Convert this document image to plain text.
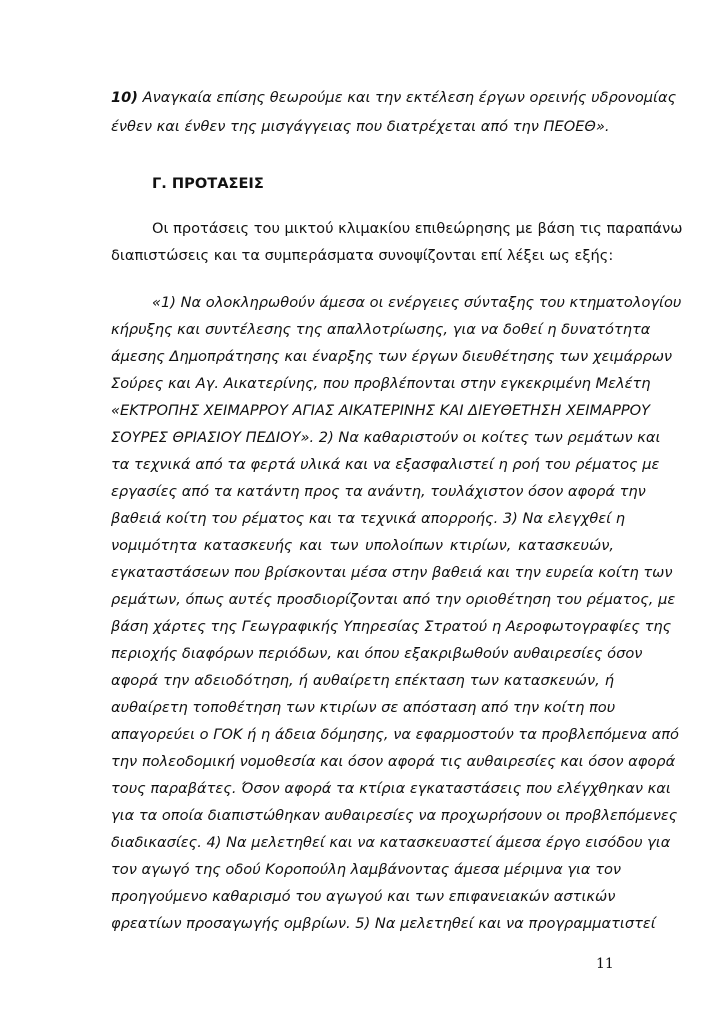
10) Αναγκαία επίσης θεωρούμε και την εκτέλεση έργων ορεινής υδρονομίας
ένθεν και ένθεν της μισγάγγειας που διατρέχεται από την ΠΕΟΕΘ».
Γ. ΠΡΟΤΑΣΕΙΣ
Οι προτάσεις του μικτού κλιμακίου επιθεώρησης με βάση τις παραπάνω
διαπιστώσεις και τα συμπεράσματα συνοψίζονται επί λέξει ως εξής:
«1) Να ολοκληρωθούν άμεσα οι ενέργειες σύνταξης του κτηματολογίου
κήρυξης και συντέλεσης της απαλλοτρίωσης, για να δοθεί η δυνατότητα
άμεσης Δημοπράτησης και έναρξης των έργων διευθέτησης των χειμάρρων
Σούρες και Αγ. Αικατερίνης, που προβλέπονται στην εγκεκριμένη Μελέτη
«ΕΚΤΡΟΠΗΣ ΧΕΙΜΑΡΡΟΥ ΑΓΙΑΣ ΑΙΚΑΤΕΡΙΝΗΣ ΚΑΙ ΔΙΕΥΘΕΤΗΣΗ ΧΕΙΜΑΡΡΟΥ
ΣΟΥΡΕΣ ΘΡΙΑΣΙΟΥ ΠΕΔΙΟΥ». 2) Να καθαριστούν οι κοίτες των ρεμάτων και
τα τεχνικά από τα φερτά υλικά και να εξασφαλιστεί η ροή του ρέματος με
εργασίες από τα κατάντη προς τα ανάντη, τουλάχιστον όσον αφορά την
βαθειά κοίτη του ρέματος και τα τεχνικά απορροής. 3) Να ελεγχθεί η
νομιμότητα κατασκευής και των υπολοίπων κτιρίων, κατασκευών,
εγκαταστάσεων που βρίσκονται μέσα στην βαθειά και την ευρεία κοίτη των
ρεμάτων, όπως αυτές προσδιορίζονται από την οριοθέτηση του ρέματος, με
βάση χάρτες της Γεωγραφικής Υπηρεσίας Στρατού η Αεροφωτογραφίες της
περιοχής διαφόρων περιόδων, και όπου εξακριβωθούν αυθαιρεσίες όσον
αφορά την αδειοδότηση, ή αυθαίρετη επέκταση των κατασκευών, ή
αυθαίρετη τοποθέτηση των κτιρίων σε απόσταση από την κοίτη που
απαγορεύει ο ΓΟΚ ή η άδεια δόμησης, να εφαρμοστούν τα προβλεπόμενα από
την πολεοδομική νομοθεσία και όσον αφορά τις αυθαιρεσίες και όσον αφορά
τους παραβάτες. Όσον αφορά τα κτίρια εγκαταστάσεις που ελέγχθηκαν και
για τα οποία διαπιστώθηκαν αυθαιρεσίες να προχωρήσουν οι προβλεπόμενες
διαδικασίες. 4) Να μελετηθεί και να κατασκευαστεί άμεσα έργο εισόδου για
τον αγωγό της οδού Κοροπούλη λαμβάνοντας άμεσα μέριμνα για τον
προηγούμενο καθαρισμό του αγωγού και των επιφανειακών αστικών
φρεατίων προσαγωγής ομβρίων. 5) Να μελετηθεί και να προγραμματιστεί
11
